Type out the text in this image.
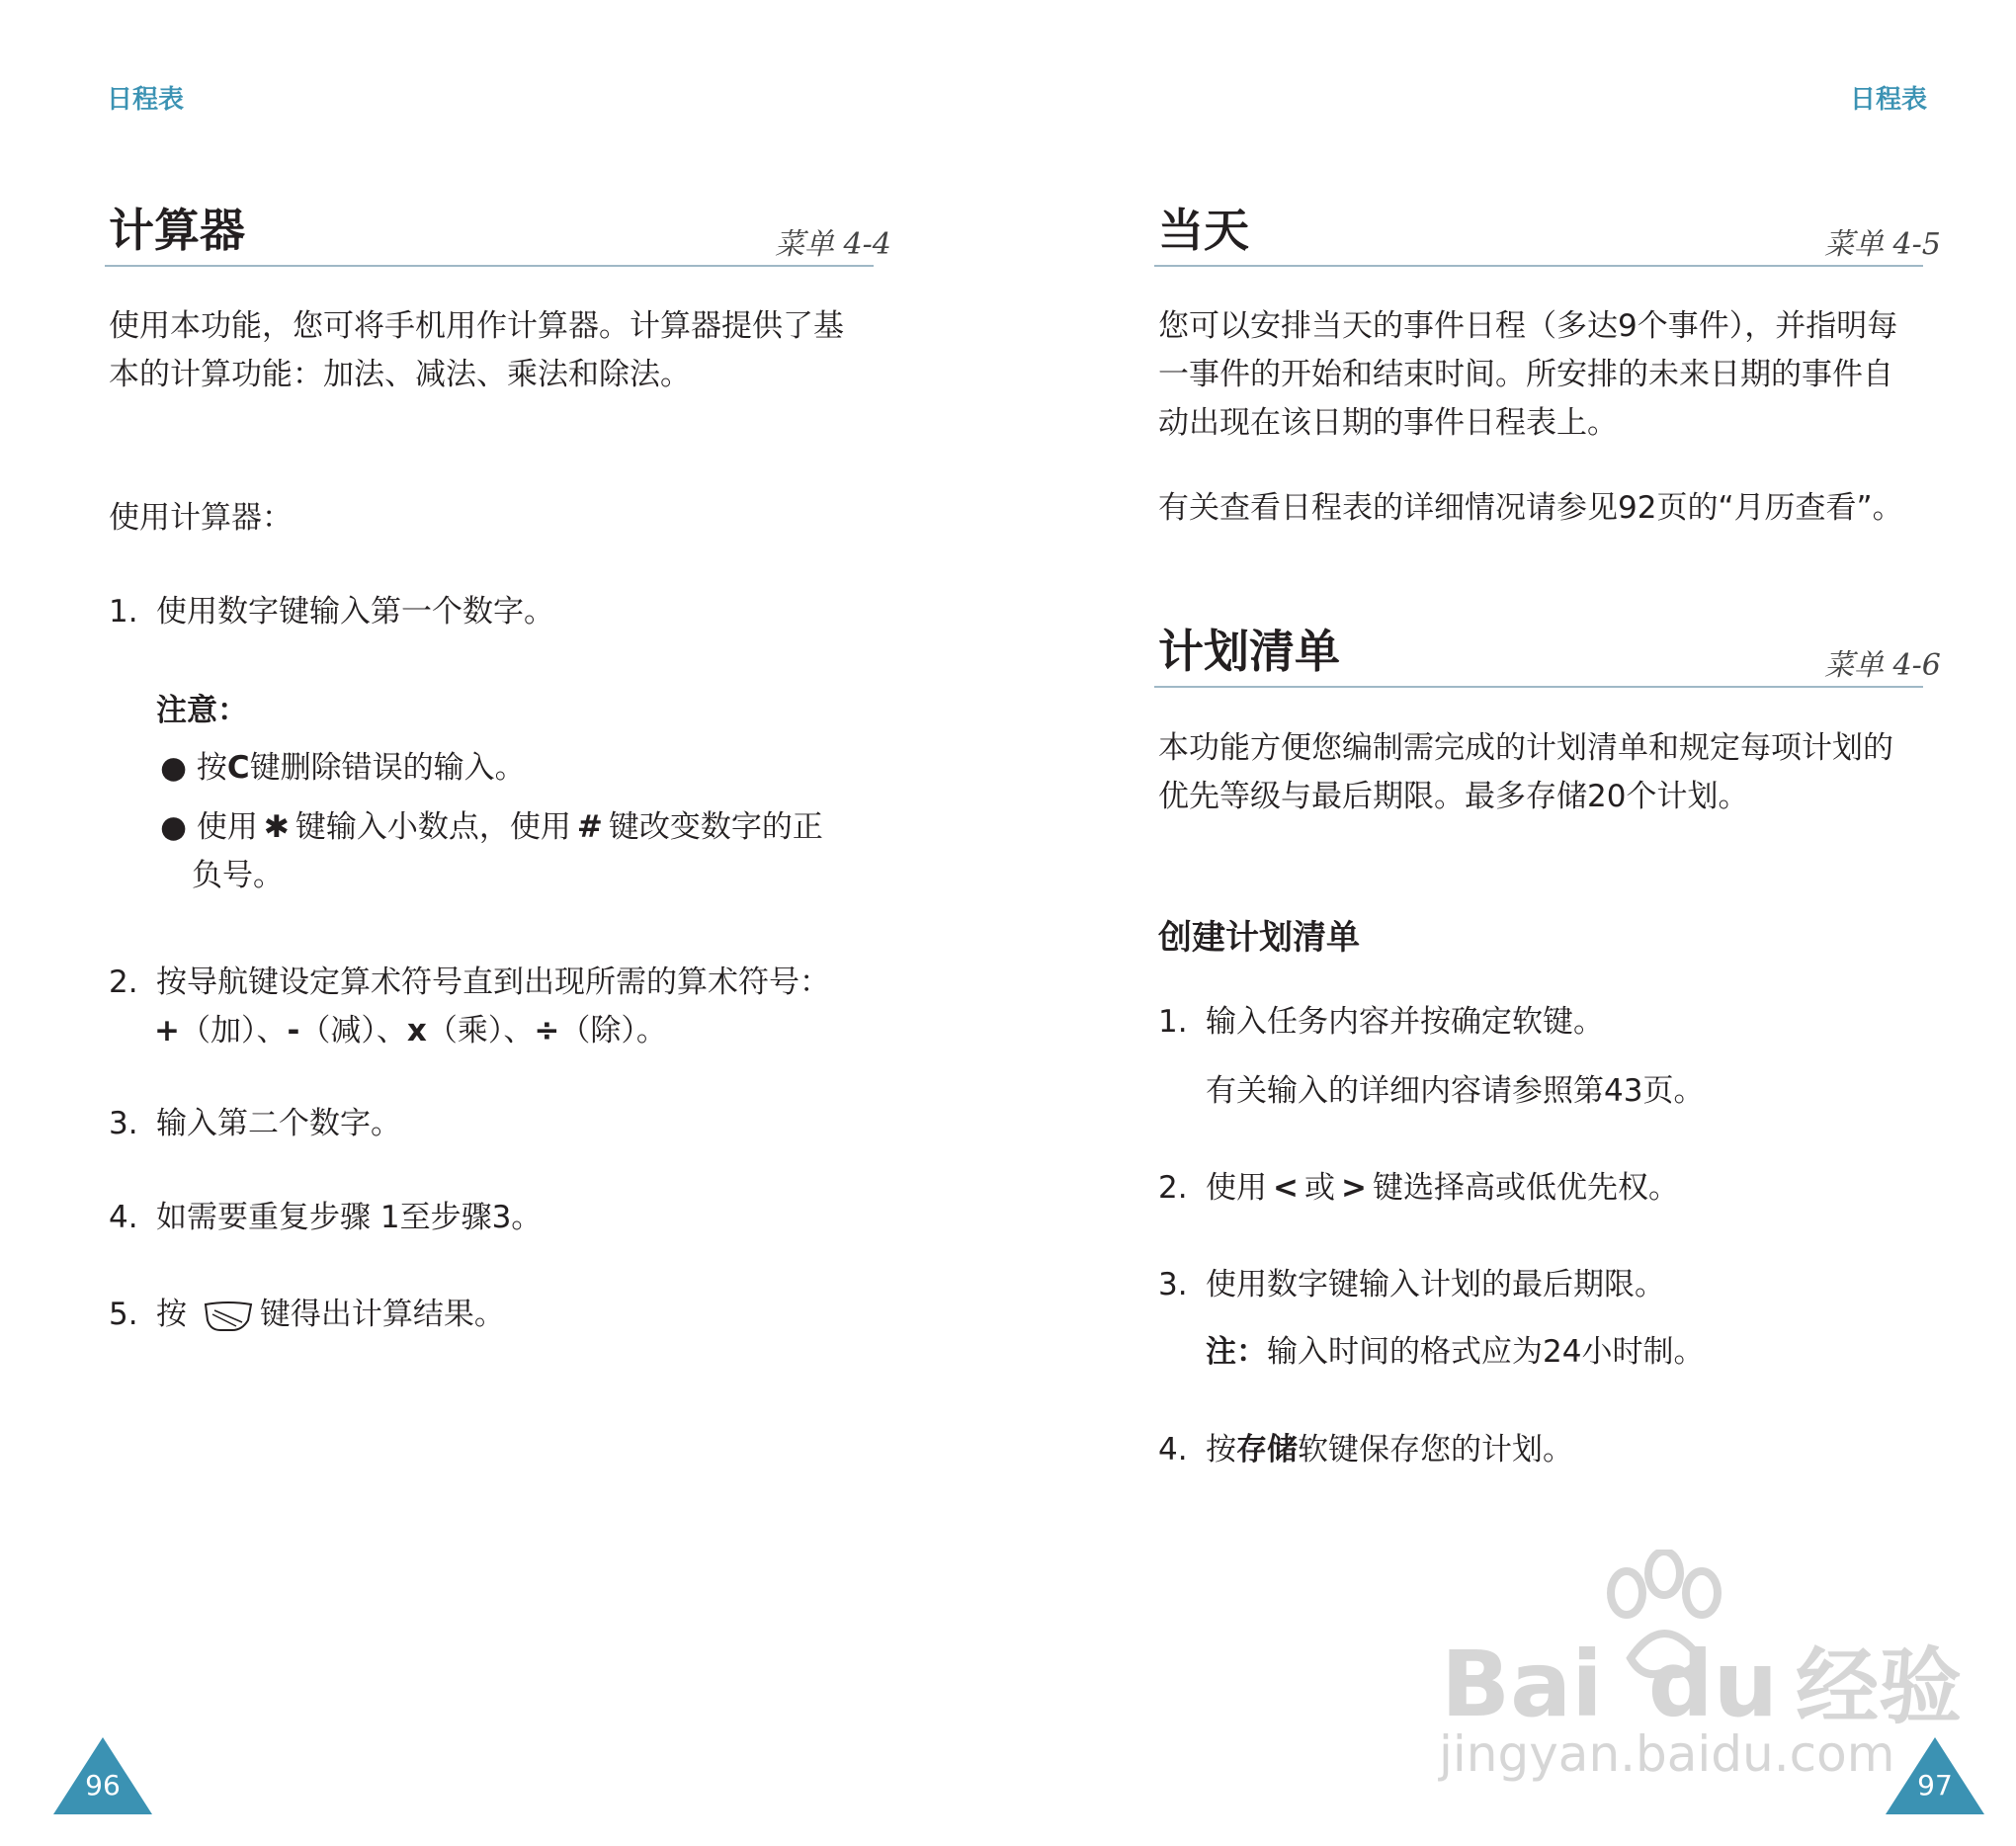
日程表
计算器	菜单 4-4
使用本功能，您可将手机用作计算器。计算器提供了基
本的计算功能：加法、减法、乘法和除法。
使用计算器：
1. 使用数字键输入第一个数字。
注意：
● 按C键删除错误的输入。
● 使用 ✱ 键输入小数点，使用 # 键改变数字的正
负号。
2. 按导航键设定算术符号直到出现所需的算术符号：
+（加）、-（减）、x（乘）、÷（除）。
3. 输入第二个数字。
4. 如需要重复步骤 1至步骤3。
5. 按 键得出计算结果。
96
日程表
当天	菜单 4-5
您可以安排当天的事件日程（多达9个事件），并指明每
一事件的开始和结束时间。所安排的未来日期的事件自
动出现在该日期的事件日程表上。
有关查看日程表的详细情况请参见92页的“月历查看”。
计划清单	菜单 4-6
本功能方便您编制需完成的计划清单和规定每项计划的
优先等级与最后期限。最多存储20个计划。
创建计划清单
1. 输入任务内容并按确定软键。
有关输入的详细内容请参照第43页。
2. 使用 < 或 > 键选择高或低优先权。
3. 使用数字键输入计划的最后期限。
注：输入时间的格式应为24小时制。
4. 按存储软键保存您的计划。
Bai du 经验
jingyan.baidu.com
97
